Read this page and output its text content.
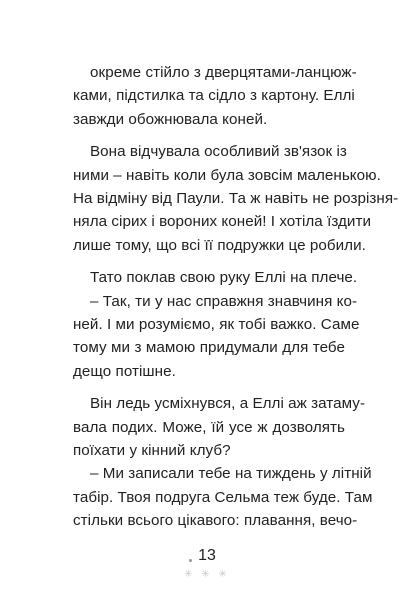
окреме стійло з дверцятами-ланцюж-
ками, підстилка та сідло з картону. Еллі
завжди обожнювала коней.
Вона відчувала особливий зв'язок із
ними – навіть коли була зовсім маленькою.
На відміну від Паули. Та ж навіть не розрізня-
няла сірих і вороних коней! І хотіла їздити
лише тому, що всі її подружки це робили.
Тато поклав свою руку Еллі на плече.
– Так, ти у нас справжня знавчиня ко-
ней. І ми розуміємо, як тобі важко. Саме
тому ми з мамою придумали для тебе
дещо потішне.
Він ледь усміхнувся, а Еллі аж затаму-
вала подих. Може, їй усе ж дозволять
поїхати у кінний клуб?
– Ми записали тебе на тиждень у літній
табір. Твоя подруга Сельма теж буде. Там
стільки всього цікавого: плавання, вечо-
13
✳ ✳ ✳
